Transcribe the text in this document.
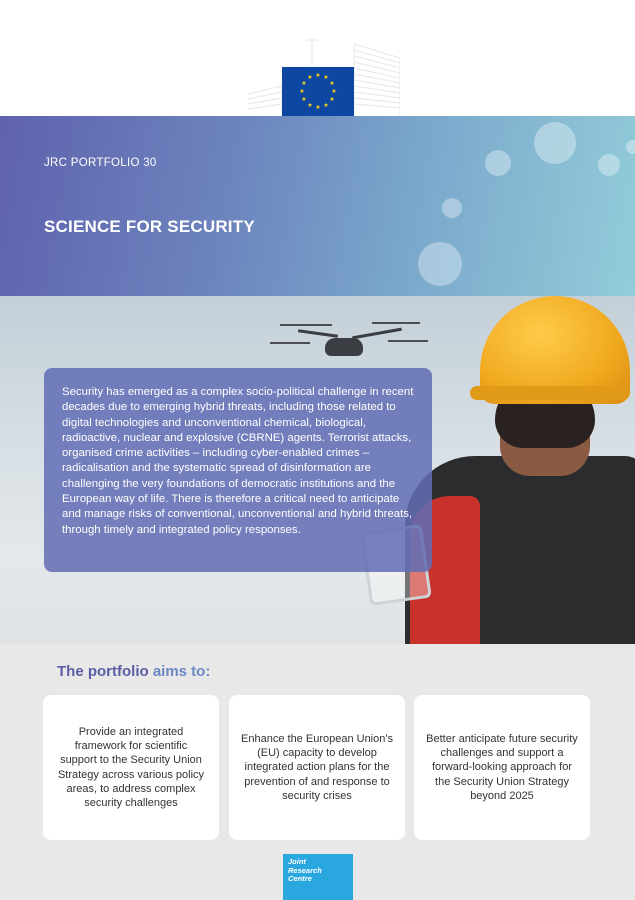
★ ★
★
★
★
★
★
★
★
★
★
★

JRC PORTFOLIO 30
SCIENCE FOR SECURITY

Security has emerged as a complex socio-political challenge in recent decades due to emerging hybrid threats, including those related to digital technologies and unconventional chemical, biological, radioactive, nuclear and explosive (CBRNE) agents. Terrorist attacks, organised crime activities – including cyber-enabled crimes – radicalisation and the systematic spread of disinformation are challenging the very foundations of democratic institutions and the European way of life. There is therefore a critical need to anticipate and manage risks of conventional, unconventional and hybrid threats, through timely and integrated policy responses.

The portfolio aims to:
Provide an integrated framework for scientific support to the Security Union Strategy across various policy areas, to address complex security challenges
Enhance the European Union's (EU) capacity to develop integrated action plans for the prevention of and response to security crises
Better anticipate future security challenges and support a forward-looking approach for the Security Union Strategy beyond 2025
Joint
Research
Centre
